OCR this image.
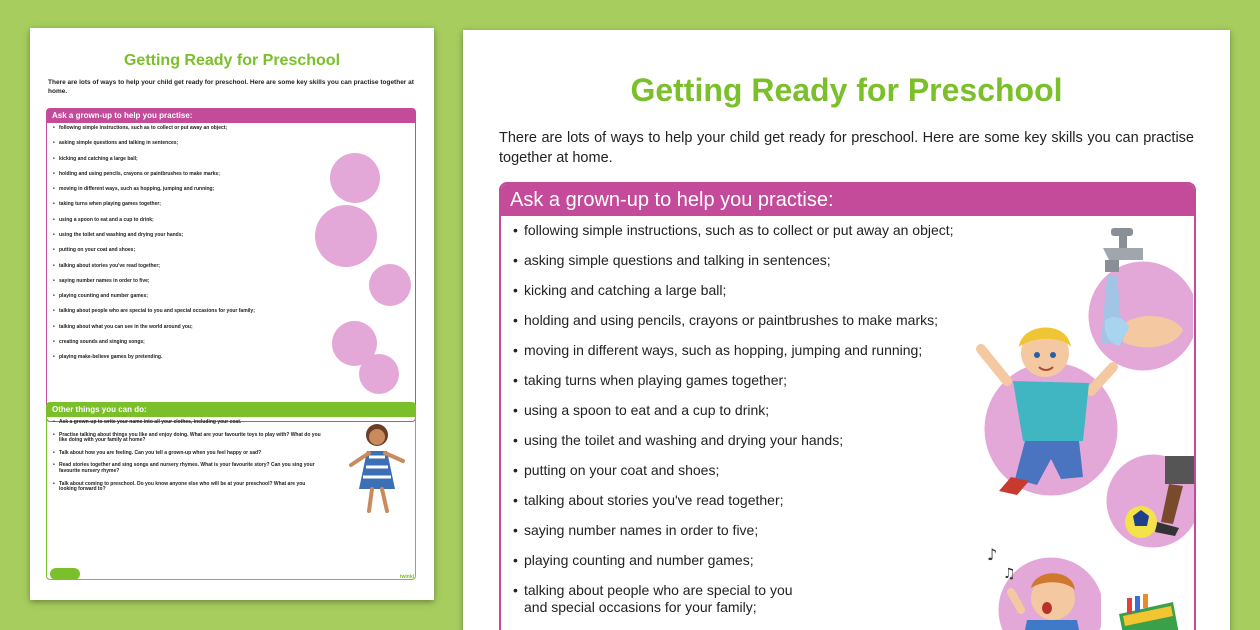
Getting Ready for Preschool
There are lots of ways to help your child get ready for preschool. Here are some key skills you can practise together at home.
Ask a grown-up to help you practise:
• following simple instructions, such as to collect or put away an object;
• asking simple questions and talking in sentences;
• kicking and catching a large ball;
• holding and using pencils, crayons or paintbrushes to make marks;
• moving in different ways, such as hopping, jumping and running;
• taking turns when playing games together;
• using a spoon to eat and a cup to drink;
• using the toilet and washing and drying your hands;
• putting on your coat and shoes;
• talking about stories you've read together;
• saying number names in order to five;
• playing counting and number games;
• talking about people who are special to you and special occasions for your family;
• talking about what you can see in the world around you;
• creating sounds and singing songs;
• playing make-believe games by pretending.
Other things you can do:
• Ask a grown-up to write your name into all your clothes, including your coat.
• Practise talking about things you like and enjoy doing. What are your favourite toys to play with? What do you like doing with your family at home?
• Talk about how you are feeling. Can you tell a grown-up when you feel happy or sad?
• Read stories together and sing songs and nursery rhymes. What is your favourite story? Can you sing your favourite nursery rhyme?
• Talk about coming to preschool. Do you know anyone else who will be at your preschool? What are you looking forward to?
twinkl
Getting Ready for Preschool
There are lots of ways to help your child get ready for preschool. Here are some key skills you can practise together at home.
Ask a grown-up to help you practise:
• following simple instructions, such as to collect or put away an object;
• asking simple questions and talking in sentences;
• kicking and catching a large ball;
• holding and using pencils, crayons or paintbrushes to make marks;
• moving in different ways, such as hopping, jumping and running;
• taking turns when playing games together;
• using a spoon to eat and a cup to drink;
• using the toilet and washing and drying your hands;
• putting on your coat and shoes;
• talking about stories you've read together;
• saying number names in order to five;
• playing counting and number games;
• talking about people who are special to you
and special occasions for your family;
♪
♫
